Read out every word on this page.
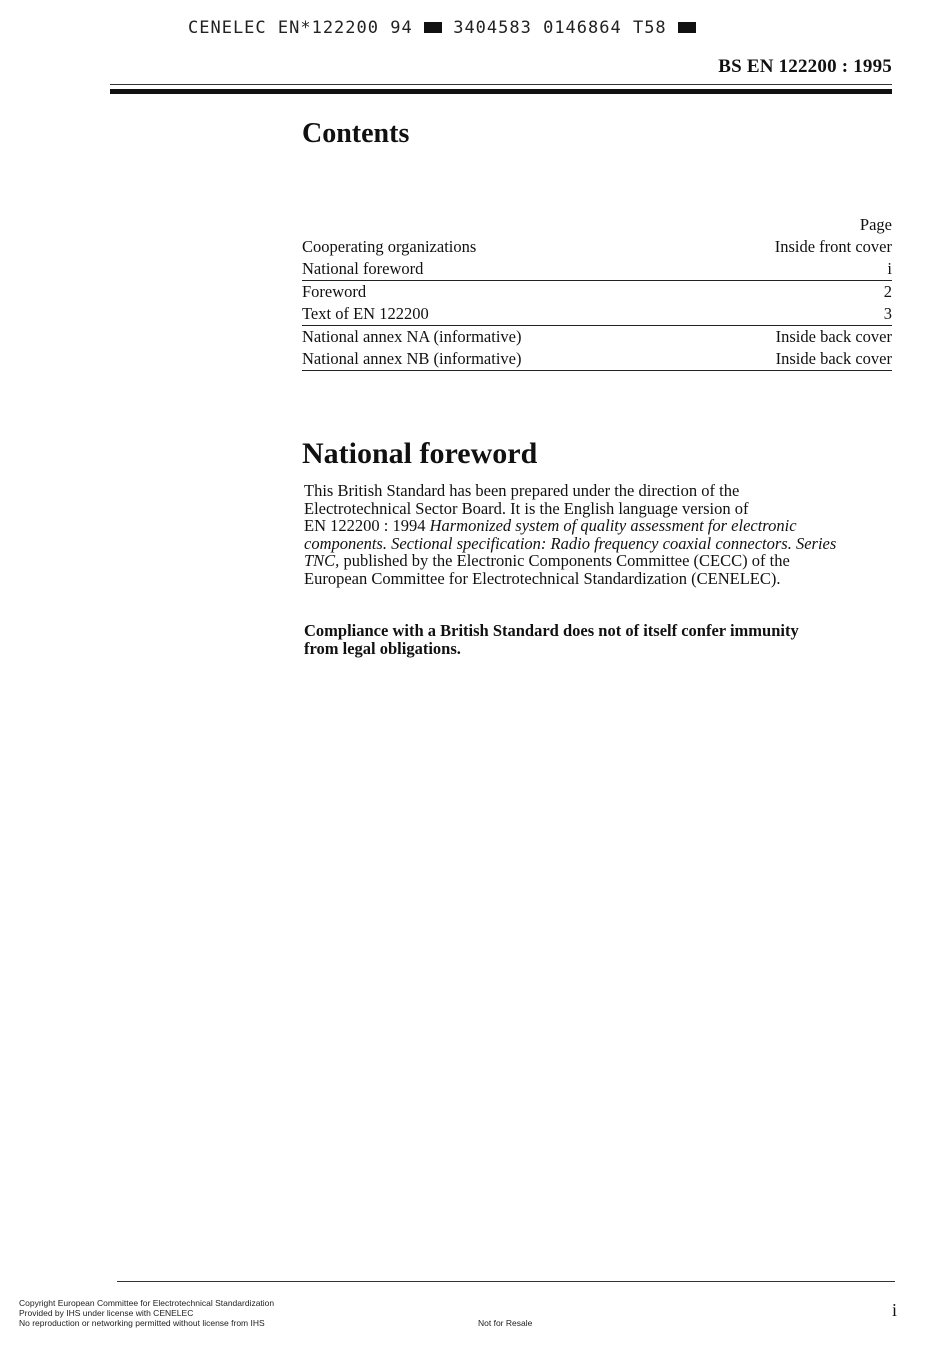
CENELEC EN*122200 94 3404583 0146864 T58
BS EN 122200 : 1995
Contents
Page
Cooperating organizations	Inside front cover
National foreword	i
Foreword	2
Text of EN 122200	3
National annex NA (informative)	Inside back cover
National annex NB (informative)	Inside back cover
National foreword

This British Standard has been prepared under the direction of the
Electrotechnical Sector Board. It is the English language version of
EN 122200 : 1994 Harmonized system of quality assessment for electronic
components. Sectional specification: Radio frequency coaxial connectors. Series
TNC, published by the Electronic Components Committee (CECC) of the
European Committee for Electrotechnical Standardization (CENELEC).

Compliance with a British Standard does not of itself confer immunity
from legal obligations.

Copyright European Committee for Electrotechnical Standardization
Provided by IHS under license with CENELEC
No reproduction or networking permitted without license from IHS	Not for Resale
i
